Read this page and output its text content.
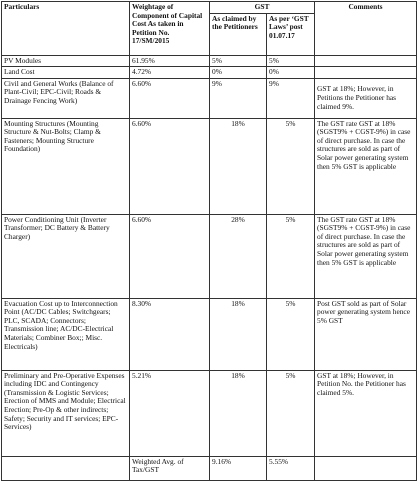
Particulars	Weightage of Component of Capital Cost As taken in Petition No. 17/SM/2015	GST		Comments
		As claimed by the Petitioners	As per ‘GST Laws’ post 01.07.17	
PV Modules	61.95%	5%	5%	
Land Cost	4.72%	0%	0%	
Civil and General Works (Balance of Plant-Civil; EPC-Civil; Roads & Drainage Fencing Work)	6.60%	9%	9%	GST at 18%; However, in Petitions the Petitioner has claimed 9%.
Mounting Structures (Mounting Structure & Nut-Bolts; Clamp & Fasteners; Mounting Structure Foundation)	6.60%	18%	5%	The GST rate GST at 18% (SGST9% + CGST-9%) in case of direct purchase. In case the structures are sold as part of Solar power generating system then 5% GST is applicable
Power Conditioning Unit (Inverter Transformer; DC Battery & Battery Charger)	6.60%	28%	5%	The GST rate GST at 18% (SGST9% + CGST-9%) in case of direct purchase. In case the structures are sold as part of Solar power generating system then 5% GST is applicable
Evacuation Cost up to Interconnection Point (AC/DC Cables; Switchgears; PLC, SCADA; Connectors; Transmission line; AC/DC-Electrical Materials; Combiner Box;; Misc. Electricals)	8.30%	18%	5%	Post GST sold as part of Solar power generating system hence 5% GST
Preliminary and Pre-Operative Expenses including IDC and Contingency (Transmission & Logistic Services; Erection of MMS and Module; Electrical Erection; Pre-Op & other indirects; Safety; Security and IT services; EPC-Services)	5.21%	18%	5%	GST at 18%; However, in Petition No. the Petitioner has claimed 5%.
	Weighted Avg. of Tax/GST	9.16%	5.55%	
